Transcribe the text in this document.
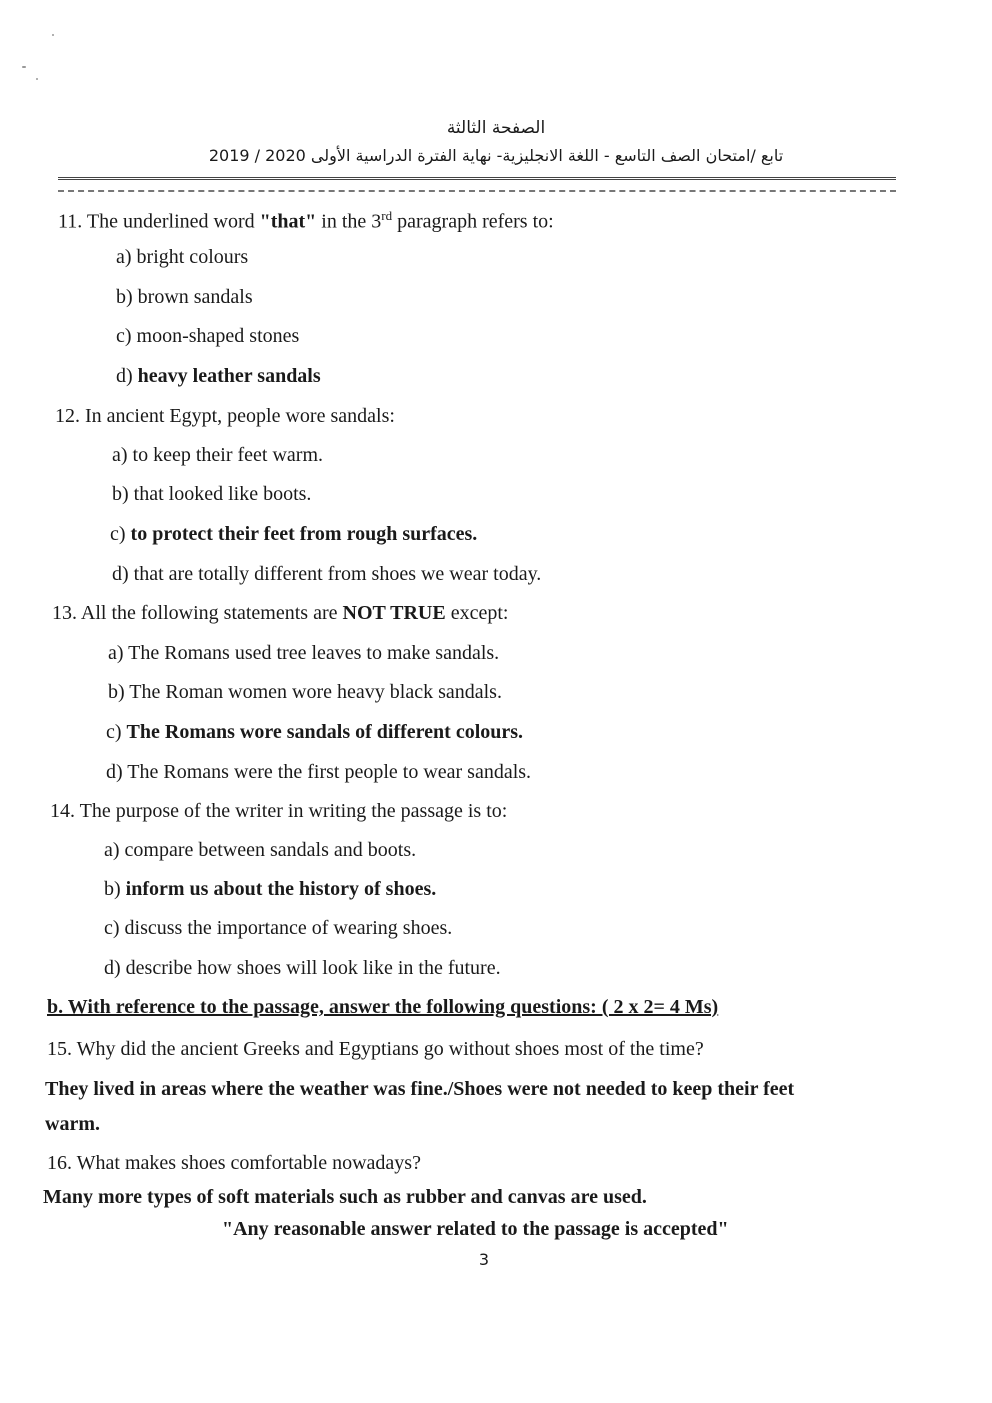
الصفحة الثالثة
تابع /امتحان الصف التاسع - اللغة الانجليزية- نهاية الفترة الدراسية الأولى 2020 / 2019
11. The underlined word "that" in the 3rd paragraph refers to:
a) bright colours
b) brown sandals
c) moon-shaped stones
d) heavy leather sandals
12. In ancient Egypt, people wore sandals:
a) to keep their feet warm.
b) that looked like boots.
c) to protect their feet from rough surfaces.
d) that are totally different from shoes we wear today.
13. All the following statements are NOT TRUE except:
a) The Romans used tree leaves to make sandals.
b) The Roman women wore heavy black sandals.
c) The Romans wore sandals of different colours.
d) The Romans were the first people to wear sandals.
14. The purpose of the writer in writing the passage is to:
a) compare between sandals and boots.
b) inform us about the history of shoes.
c) discuss the importance of wearing shoes.
d) describe how shoes will look like in the future.
b. With reference to the passage, answer the following questions: ( 2 x 2= 4 Ms)
15. Why did the ancient Greeks and Egyptians go without shoes most of the time?
They lived in areas where the weather was fine./Shoes were not needed to keep their feet
warm.
16. What makes shoes comfortable nowadays?
Many more types of soft materials such as rubber and canvas are used.
"Any reasonable answer related to the passage is accepted"
3
